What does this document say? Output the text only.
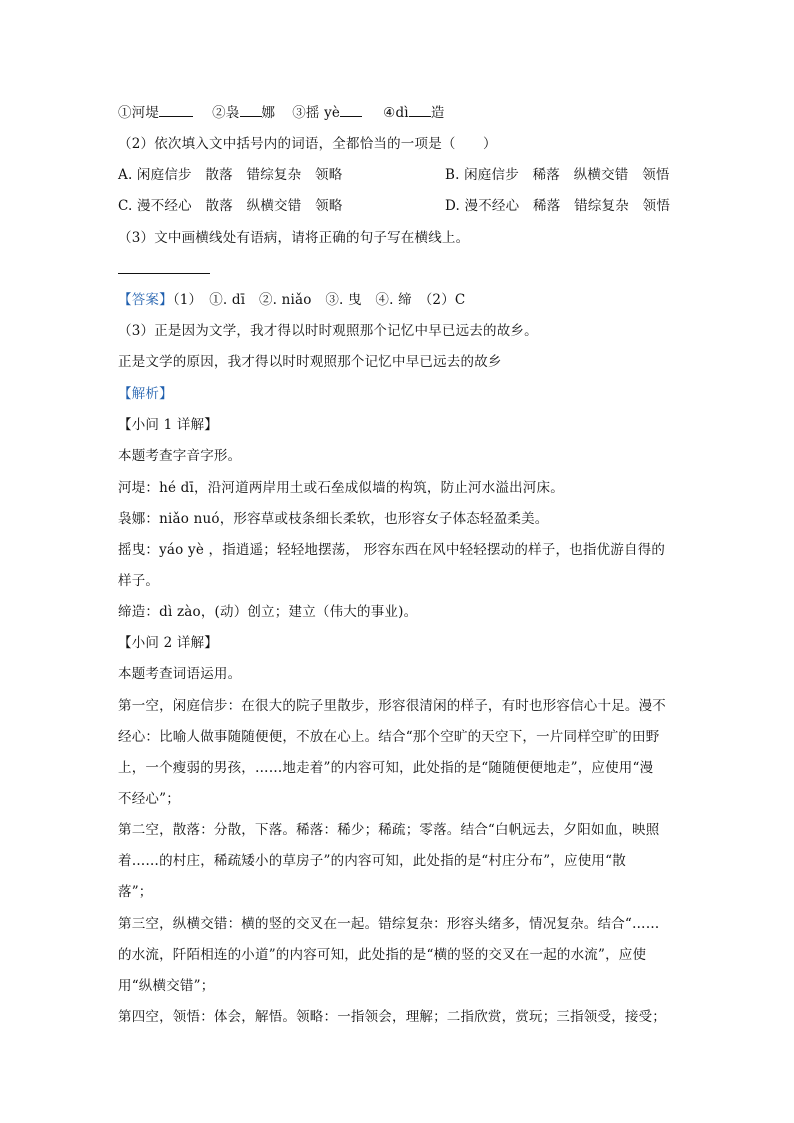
①河堤	②袅 娜 ③摇 yè	④dì 造
（2）依次填入文中括号内的词语，全都恰当的一项是（　　）
A. 闲庭信步　散落　错综复杂　领略	B. 闲庭信步　稀落　纵横交错　领悟
C. 漫不经心　散落　纵横交错　领略	D. 漫不经心　稀落　错综复杂　领悟
（3）文中画横线处有语病，请将正确的句子写在横线上。
【答案】（1）　①. dī　②. niǎo　③. 曳　④. 缔　（2）C
（3）正是因为文学，我才得以时时观照那个记忆中早已远去的故乡。
正是文学的原因，我才得以时时观照那个记忆中早已远去的故乡
【解析】
【小问 1 详解】
本题考查字音字形。
河堤：hé dī，沿河道两岸用土或石垒成似墙的构筑，防止河水溢出河床。
袅娜：niǎo nuó，形容草或枝条细长柔软，也形容女子体态轻盈柔美。
摇曳：yáo yè ，指逍遥；轻轻地摆荡， 形容东西在风中轻轻摆动的样子，也指优游自得的
样子。
缔造：dì zào，(动）创立；建立（伟大的事业)。
【小问 2 详解】
本题考查词语运用。
第一空，闲庭信步：在很大的院子里散步，形容很清闲的样子，有时也形容信心十足。漫不
经心：比喻人做事随随便便，不放在心上。结合“那个空旷的天空下，一片同样空旷的田野
上，一个瘦弱的男孩，……地走着”的内容可知，此处指的是“随随便便地走”，应使用“漫
不经心”；
第二空，散落：分散，下落。稀落：稀少；稀疏；零落。结合“白帆远去，夕阳如血，映照
着……的村庄，稀疏矮小的草房子”的内容可知，此处指的是“村庄分布”，应使用“散
落”；
第三空，纵横交错：横的竖的交叉在一起。错综复杂：形容头绪多，情况复杂。结合“……
的水流，阡陌相连的小道”的内容可知，此处指的是“横的竖的交叉在一起的水流”，应使
用“纵横交错”；
第四空，领悟：体会，解悟。领略：一指领会，理解；二指欣赏，赏玩；三指领受，接受；
